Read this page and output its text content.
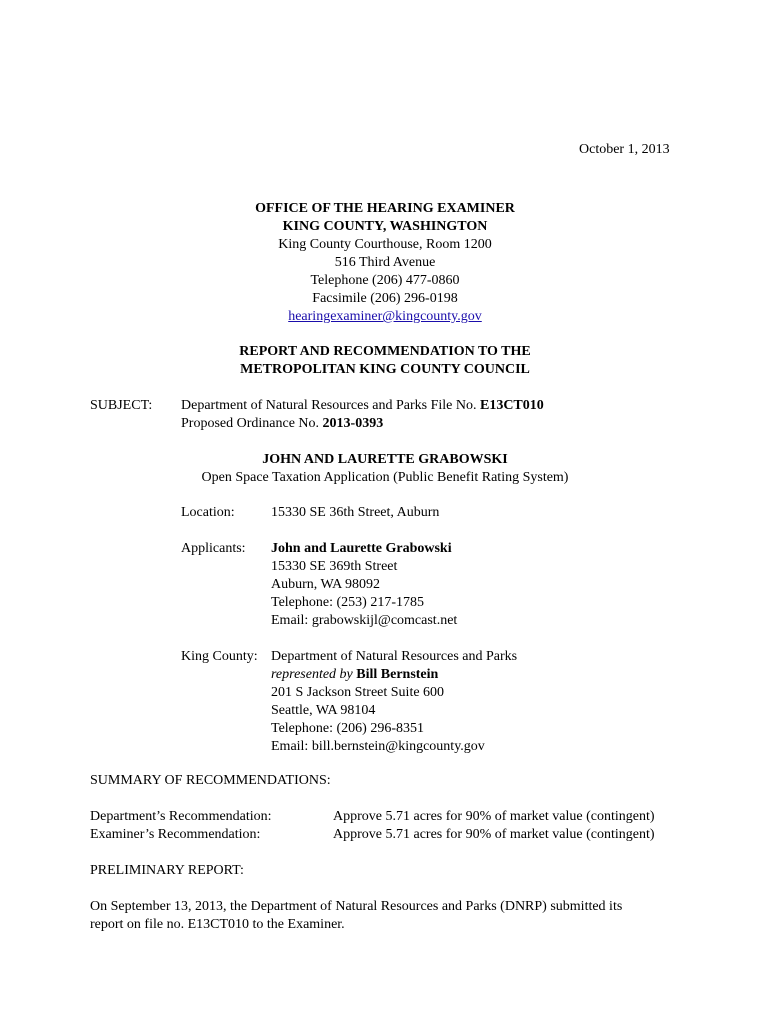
October 1, 2013
OFFICE OF THE HEARING EXAMINER
KING COUNTY, WASHINGTON
King County Courthouse, Room 1200
516 Third Avenue
Telephone (206) 477-0860
Facsimile (206) 296-0198
hearingexaminer@kingcounty.gov
REPORT AND RECOMMENDATION TO THE
METROPOLITAN KING COUNTY COUNCIL
SUBJECT: Department of Natural Resources and Parks File No. E13CT010
Proposed Ordinance No. 2013-0393
JOHN AND LAURETTE GRABOWSKI
Open Space Taxation Application (Public Benefit Rating System)
Location:	15330 SE 36th Street, Auburn
Applicants: John and Laurette Grabowski
15330 SE 369th Street
Auburn, WA 98092
Telephone: (253) 217-1785
Email: grabowskijl@comcast.net
King County: Department of Natural Resources and Parks
represented by Bill Bernstein
201 S Jackson Street Suite 600
Seattle, WA 98104
Telephone: (206) 296-8351
Email: bill.bernstein@kingcounty.gov
SUMMARY OF RECOMMENDATIONS:
Department’s Recommendation:	Approve 5.71 acres for 90% of market value (contingent)
Examiner’s Recommendation:	Approve 5.71 acres for 90% of market value (contingent)
PRELIMINARY REPORT:
On September 13, 2013, the Department of Natural Resources and Parks (DNRP) submitted its
report on file no. E13CT010 to the Examiner.
